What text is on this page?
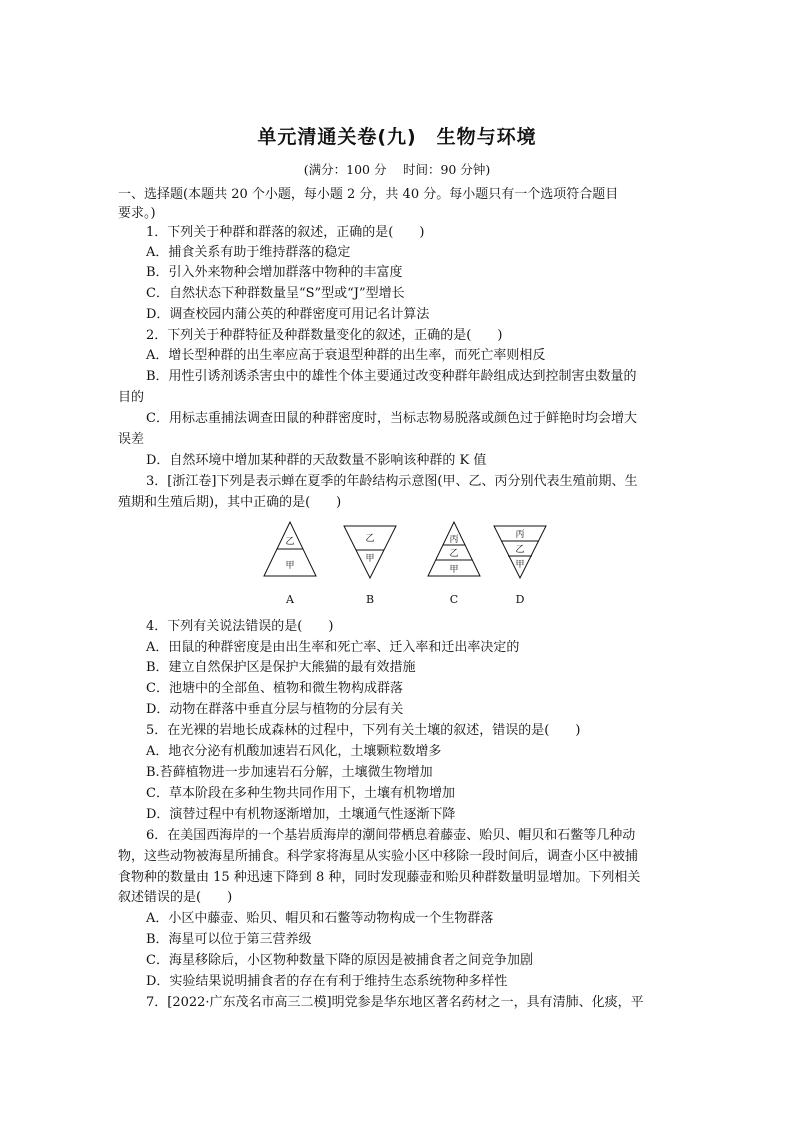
单元清通关卷(九)　生物与环境
(满分：100 分　 时间：90 分钟)
一、选择题(本题共 20 个小题，每小题 2 分，共 40 分。每小题只有一个选项符合题目
要求。)
1．下列关于种群和群落的叙述，正确的是(　　)
A．捕食关系有助于维持群落的稳定
B．引入外来物种会增加群落中物种的丰富度
C．自然状态下种群数量呈“S”型或“J”型增长
D．调查校园内蒲公英的种群密度可用记名计算法
2．下列关于种群特征及种群数量变化的叙述，正确的是(　　)
A．增长型种群的出生率应高于衰退型种群的出生率，而死亡率则相反
B．用性引诱剂诱杀害虫中的雄性个体主要通过改变种群年龄组成达到控制害虫数量的
目的
C．用标志重捕法调查田鼠的种群密度时，当标志物易脱落或颜色过于鲜艳时均会增大
误差
D．自然环境中增加某种群的天敌数量不影响该种群的 K 值
3．[浙江卷]下列是表示蝉在夏季的年龄结构示意图(甲、乙、丙分别代表生殖前期、生
殖期和生殖后期)，其中正确的是(　　)
乙
甲
A
乙
甲
B
丙
乙
甲
C
丙
乙
甲
D
4．下列有关说法错误的是(　　)
A．田鼠的种群密度是由出生率和死亡率、迁入率和迁出率决定的
B．建立自然保护区是保护大熊猫的最有效措施
C．池塘中的全部鱼、植物和微生物构成群落
D．动物在群落中垂直分层与植物的分层有关
5．在光裸的岩地长成森林的过程中，下列有关土壤的叙述，错误的是(　　)
A．地衣分泌有机酸加速岩石风化，土壤颗粒数增多
B.苔藓植物进一步加速岩石分解，土壤微生物增加
C．草本阶段在多种生物共同作用下，土壤有机物增加
D．演替过程中有机物逐渐增加，土壤通气性逐渐下降
6．在美国西海岸的一个基岩质海岸的潮间带栖息着藤壶、贻贝、帽贝和石鳖等几种动
物，这些动物被海星所捕食。科学家将海星从实验小区中移除一段时间后，调查小区中被捕
食物种的数量由 15 种迅速下降到 8 种，同时发现藤壶和贻贝种群数量明显增加。下列相关
叙述错误的是(　　)
A．小区中藤壶、贻贝、帽贝和石鳖等动物构成一个生物群落
B．海星可以位于第三营养级
C．海星移除后，小区物种数量下降的原因是被捕食者之间竞争加剧
D．实验结果说明捕食者的存在有利于维持生态系统物种多样性
7．[2022·广东茂名市高三二模]明党参是华东地区著名药材之一，具有清肺、化痰，平
